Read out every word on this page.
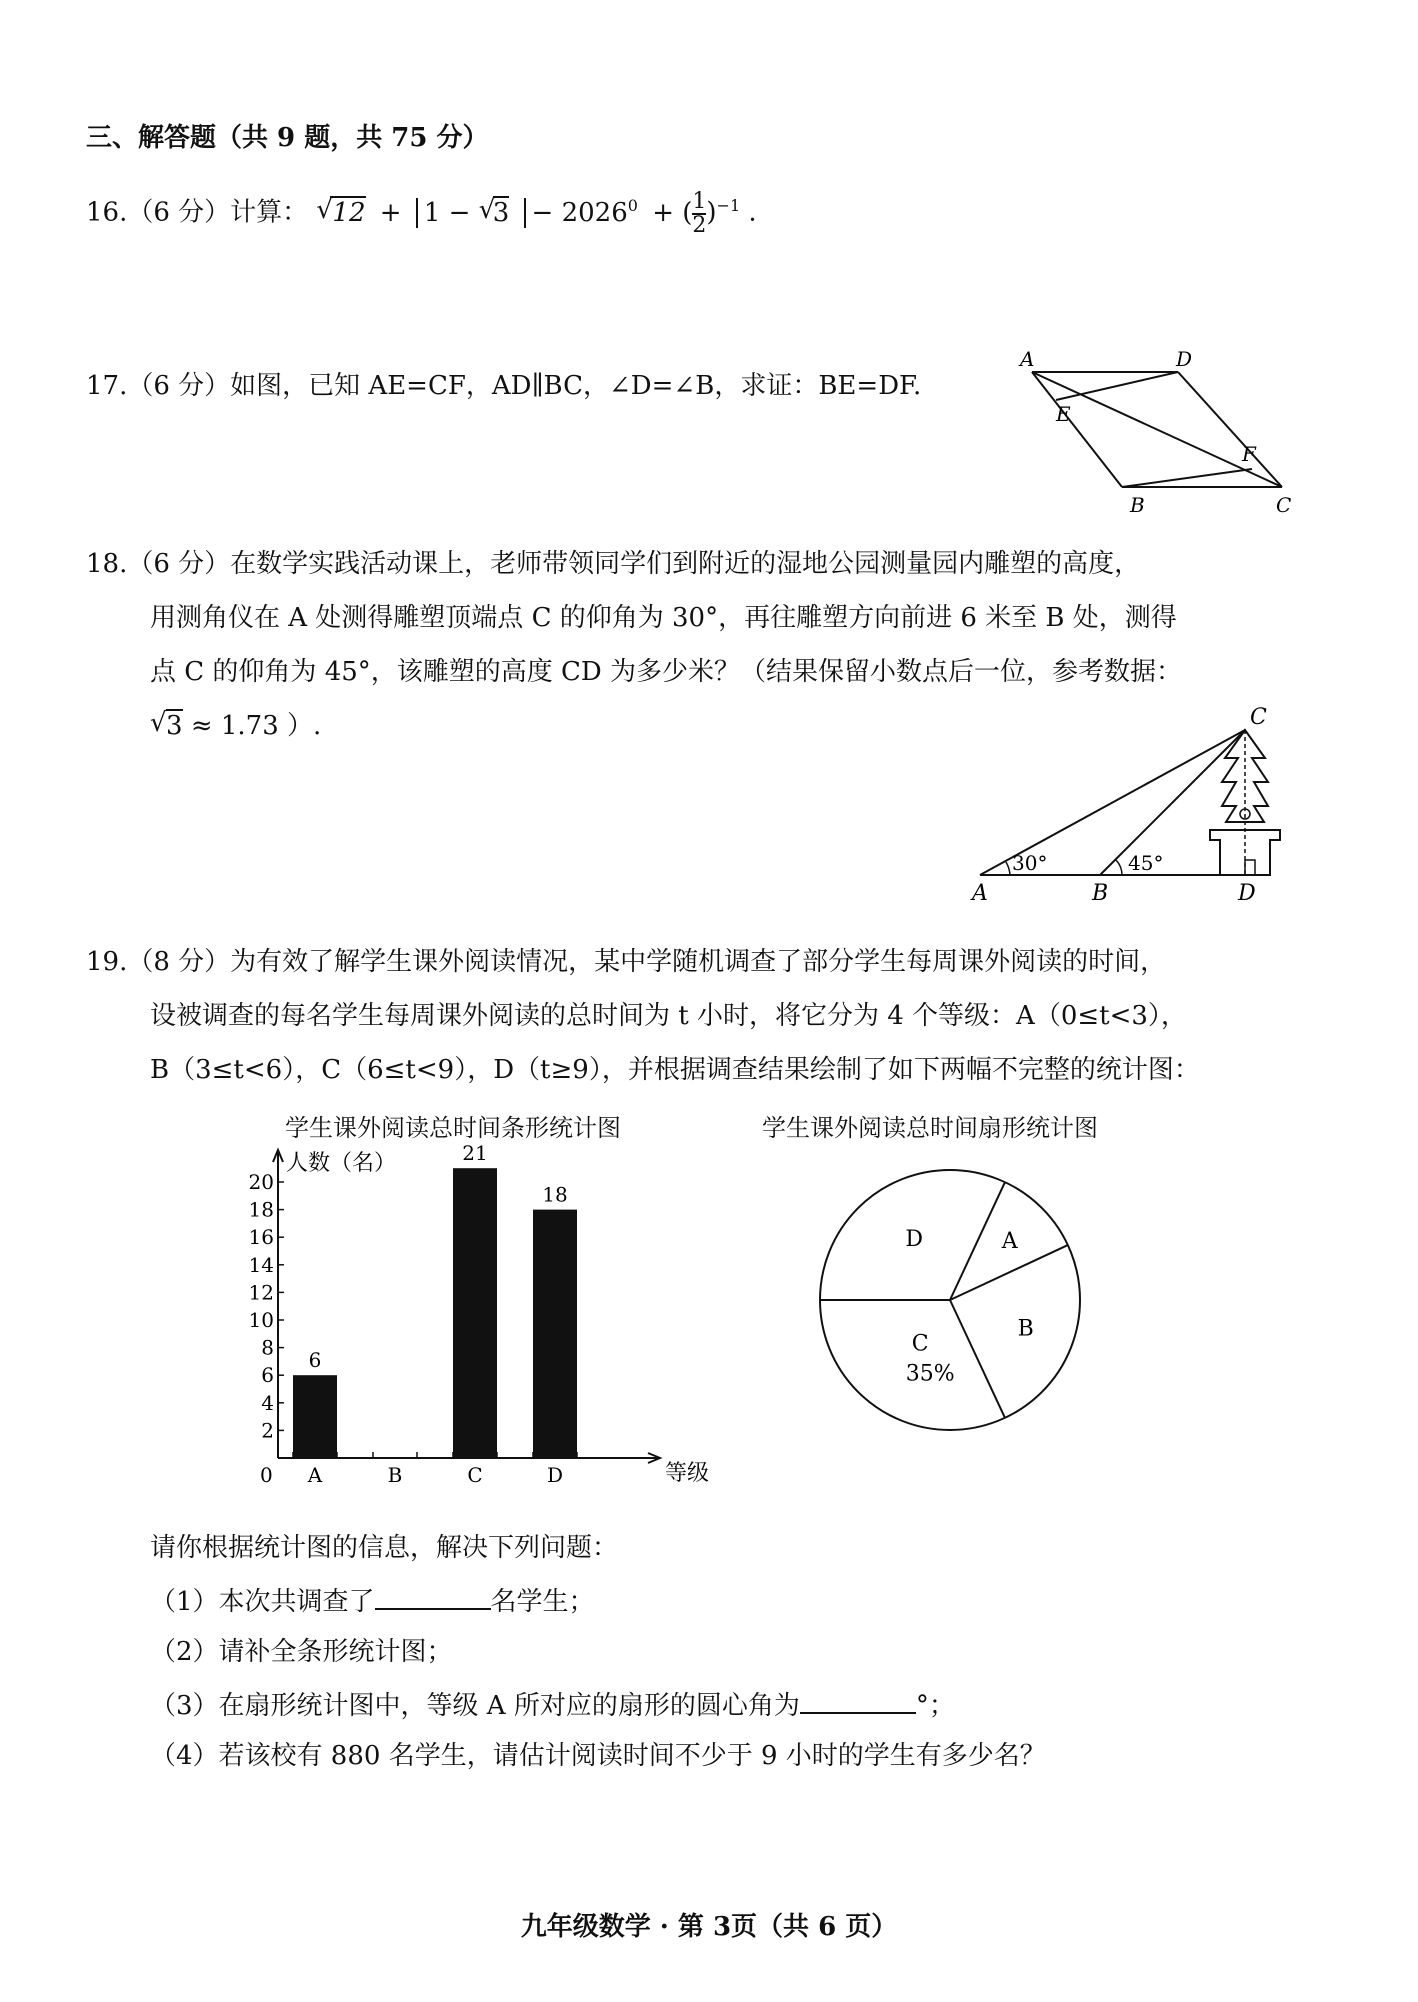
三、解答题（共 9 题，共 75 分）
16.（6 分）计算： √ 12 + 1 − √
$3 - 2026^0$ + ( $\frac{1}{2} )^{-1}$ .
17.（6 分）如图，已知 AE=CF，AD∥BC，∠D=∠B，求证：BE=DF.
A	D
E
F
B	C
18.（6 分）在数学实践活动课上，老师带领同学们到附近的湿地公园测量园内雕塑的高度，
用测角仪在 A 处测得雕塑顶端点 C 的仰角为 30°，再往雕塑方向前进 6 米至 B 处，测得
点 C 的仰角为 45°，该雕塑的高度 CD 为多少米？（结果保留小数点后一位，参考数据：
√ 3 ≈ 1.73 ）.
30°	45°
A	B	D
C
19.（8 分）为有效了解学生课外阅读情况，某中学随机调查了部分学生每周课外阅读的时间，
设被调查的每名学生每周课外阅读的总时间为 t 小时，将它分为 4 个等级：A（0≤t<3），
B（3≤t<6），C（6≤t<9），D（t≥9），并根据调查结果绘制了如下两幅不完整的统计图：
学生课外阅读总时间条形统计图	学生课外阅读总时间扇形统计图
2
4
6
8
10
12
14
16
18
20
人数（名）
等级
0 A
6
B	C
21
D
18
A
B
C
35%
D
请你根据统计图的信息，解决下列问题：
（1）本次共调查了	名学生；
（2）请补全条形统计图；
（3）在扇形统计图中，等级 A 所对应的扇形的圆心角为	°；
（4）若该校有 880 名学生，请估计阅读时间不少于 9 小时的学生有多少名？
九年级数学 · 第 3页（共 6 页）
